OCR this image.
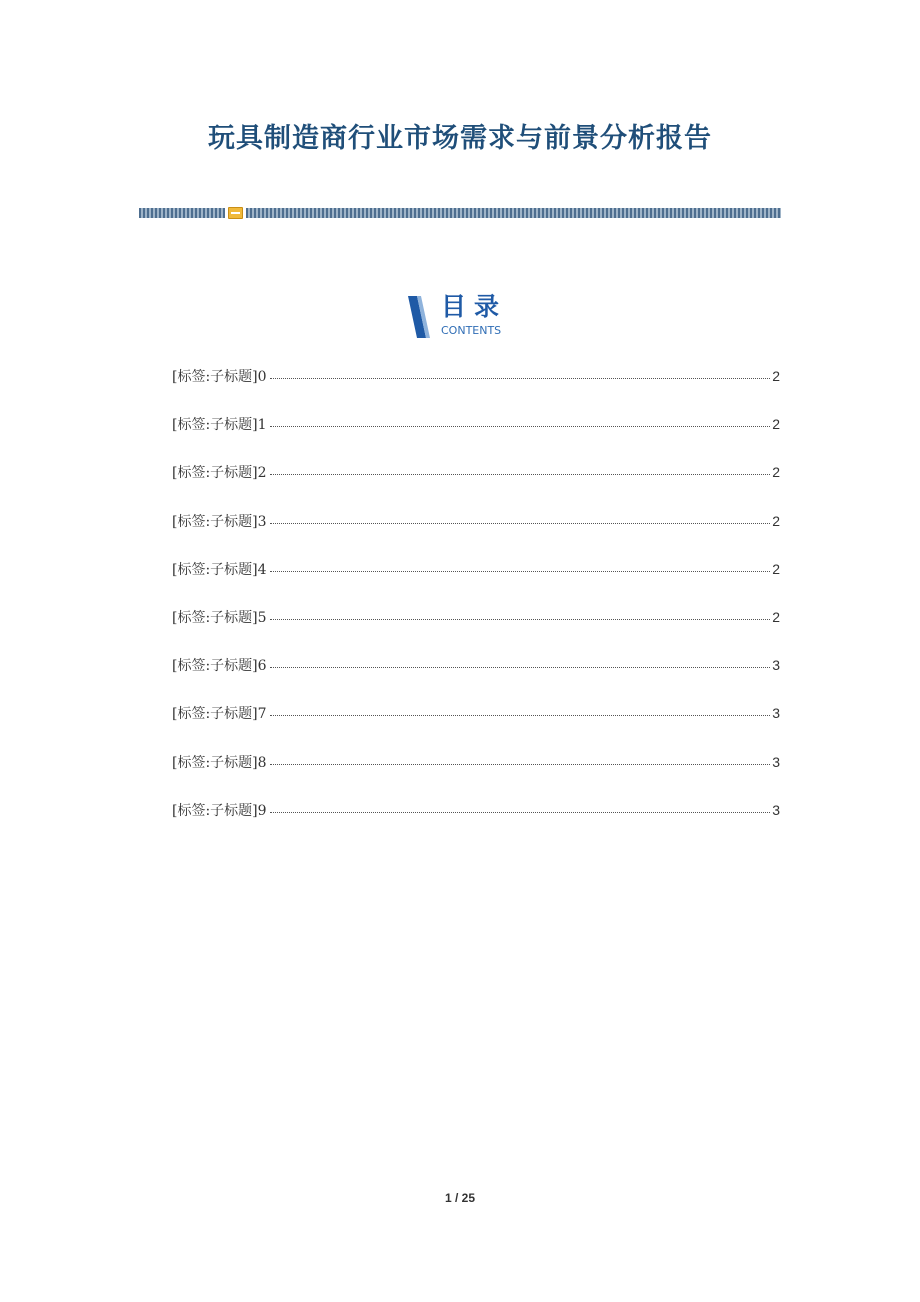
玩具制造商行业市场需求与前景分析报告
目录
CONTENTS
[标签:子标题]0	2
[标签:子标题]1	2
[标签:子标题]2	2
[标签:子标题]3	2
[标签:子标题]4	2
[标签:子标题]5	2
[标签:子标题]6	3
[标签:子标题]7	3
[标签:子标题]8	3
[标签:子标题]9	3
1 / 25
